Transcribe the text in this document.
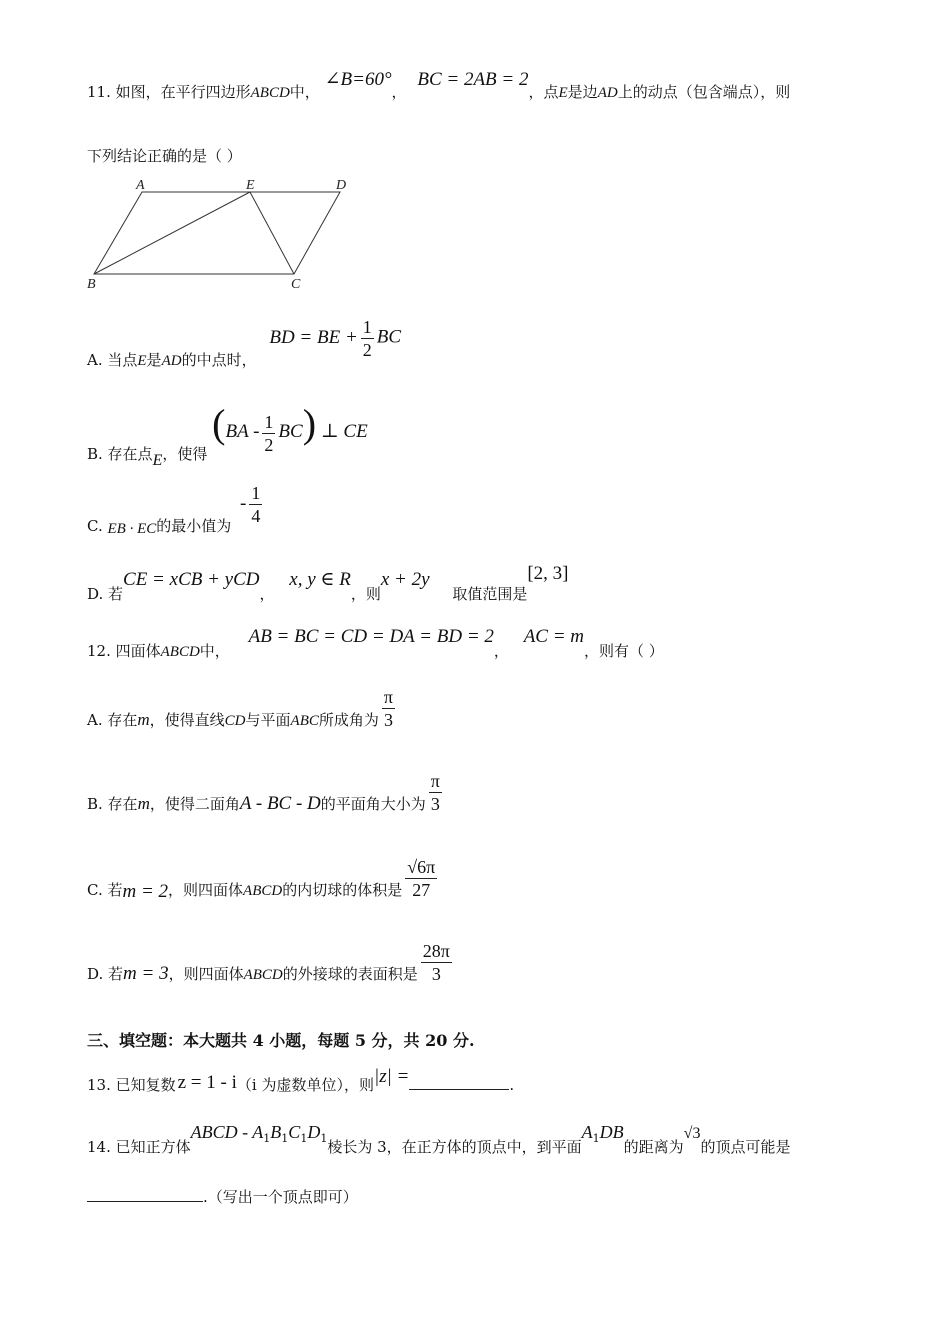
11. 如图，在平行四边形ABCD中， ∠B=60°， BC = 2AB = 2，点E是边AD上的动点（包含端点），则
下列结论正确的是（ ）
A	E	D
B	C
A. 当点E是AD的中点时， BD = BE + $\frac{1}{2}$ BC
B. 存在点E，使得 $(BA - \frac{1}{2} BC)$ ⊥ CE
C. EB · EC的最小值为 - $\frac{1}{4}$
D. 若CE = xCB + yCD， x, y ∈ R，则x + 2y 取值范围是[2, 3]
12. 四面体ABCD中， AB = BC = CD = DA = BD = 2， AC = m，则有（ ）
A. 存在m，使得直线CD与平面ABC所成角为 $\frac{\pi}{3}$
B. 存在m，使得二面角A - BC - D的平面角大小为 $\frac{\pi}{3}$
C. 若m = 2，则四面体ABCD的内切球的体积是 $\frac{√6\pi}{27}$
D. 若m = 3，则四面体ABCD的外接球的表面积是 $\frac{28\pi}{3}$
三、填空题：本大题共 4 小题，每题 5 分，共 20 分.
13. 已知复数 z = 1 - i（i 为虚数单位），则|z| =	.
14. 已知正方体ABCD - $A_1B_1C_1D_1$棱长为 3，在正方体的顶点中，到平面$A_1DB$的距离为√3的顶点可能是
.（写出一个顶点即可）
